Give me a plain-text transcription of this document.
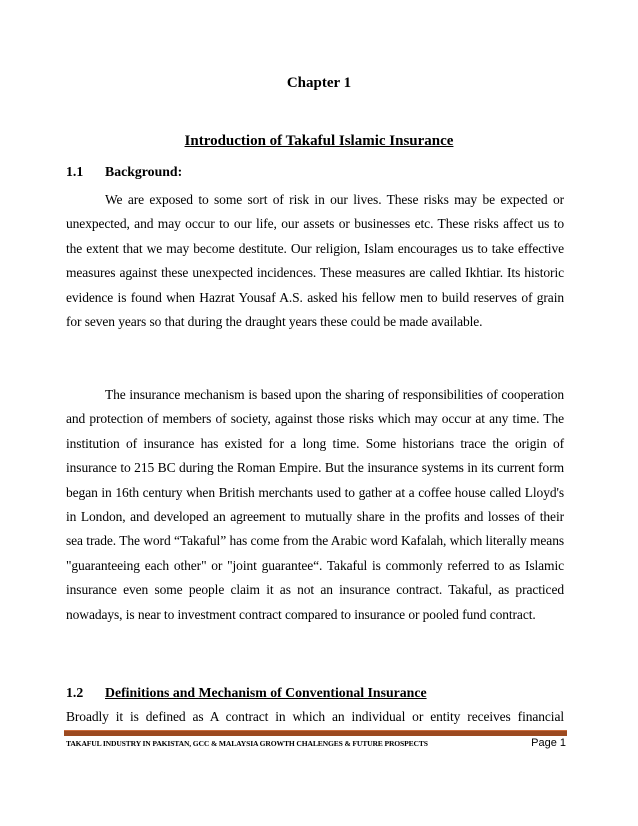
Chapter 1
Introduction of Takaful Islamic Insurance
1.1 Background:

We are exposed to some sort of risk in our lives. These risks may be expected or unexpected, and may occur to our life, our assets or businesses etc. These risks affect us to the extent that we may become destitute. Our religion, Islam encourages us to take effective measures against these unexpected incidences. These measures are called Ikhtiar. Its historic evidence is found when Hazrat Yousaf A.S. asked his fellow men to build reserves of grain for seven years so that during the draught years these could be made available.

The insurance mechanism is based upon the sharing of responsibilities of cooperation and protection of members of society, against those risks which may occur at any time. The institution of insurance has existed for a long time. Some historians trace the origin of insurance to 215 BC during the Roman Empire. But the insurance systems in its current form began in 16th century when British merchants used to gather at a coffee house called Lloyd's in London, and developed an agreement to mutually share in the profits and losses of their sea trade. The word “Takaful” has come from the Arabic word Kafalah, which literally means "guaranteeing each other" or "joint guarantee“. Takaful is commonly referred to as Islamic insurance even some people claim it as not an insurance contract. Takaful, as practiced nowadays, is near to investment contract compared to insurance or pooled fund contract.

1.2 Definitions and Mechanism of Conventional Insurance

Broadly it is defined as A contract in which an individual or entity receives financial

TAKAFUL INDUSTRY IN PAKISTAN, GCC & MALAYSIA GROWTH CHALENGES & FUTURE PROSPECTS	Page 1
